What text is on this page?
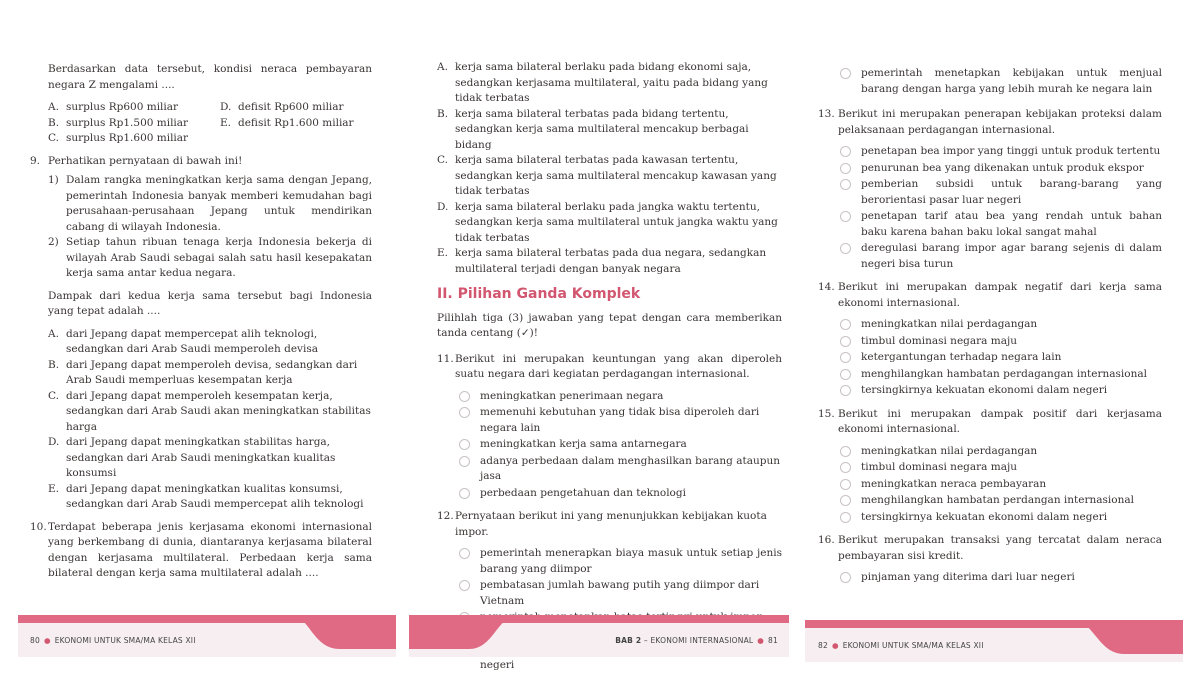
Berdasarkan data tersebut, kondisi neraca pembayaran negara Z mengalami ....
A. surplus Rp600 miliar	D. defisit Rp600 miliar
B. surplus Rp1.500 miliar	E. defisit Rp1.600 miliar
C. surplus Rp1.600 miliar
9. Perhatikan pernyataan di bawah ini!
1) Dalam rangka meningkatkan kerja sama dengan Jepang, pemerintah Indonesia banyak memberi kemudahan bagi perusahaan-perusahaan Jepang untuk mendirikan cabang di wilayah Indonesia.
2) Setiap tahun ribuan tenaga kerja Indonesia bekerja di wilayah Arab Saudi sebagai salah satu hasil kesepakatan kerja sama antar kedua negara.
Dampak dari kedua kerja sama tersebut bagi Indonesia yang tepat adalah ....
A. dari Jepang dapat mempercepat alih teknologi, sedangkan dari Arab Saudi memperoleh devisa
B. dari Jepang dapat memperoleh devisa, sedangkan dari Arab Saudi memperluas kesempatan kerja
C. dari Jepang dapat memperoleh kesempatan kerja, sedangkan dari Arab Saudi akan meningkatkan stabilitas harga
D. dari Jepang dapat meningkatkan stabilitas harga, sedangkan dari Arab Saudi meningkatkan kualitas konsumsi
E. dari Jepang dapat meningkatkan kualitas konsumsi, sedangkan dari Arab Saudi mempercepat alih teknologi
10. Terdapat beberapa jenis kerjasama ekonomi internasional yang berkembang di dunia, diantaranya kerjasama bilateral dengan kerjasama multilateral. Perbedaan kerja sama bilateral dengan kerja sama multilateral adalah ....
80 ● EKONOMI UNTUK SMA/MA KELAS XII
A. kerja sama bilateral berlaku pada bidang ekonomi saja, sedangkan kerjasama multilateral, yaitu pada bidang yang tidak terbatas
B. kerja sama bilateral terbatas pada bidang tertentu, sedangkan kerja sama multilateral mencakup berbagai bidang
C. kerja sama bilateral terbatas pada kawasan tertentu, sedangkan kerja sama multilateral mencakup kawasan yang tidak terbatas
D. kerja sama bilateral berlaku pada jangka waktu tertentu, sedangkan kerja sama multilateral untuk jangka waktu yang tidak terbatas
E. kerja sama bilateral terbatas pada dua negara, sedangkan multilateral terjadi dengan banyak negara
II. Pilihan Ganda Komplek
Pilihlah tiga (3) jawaban yang tepat dengan cara memberikan tanda centang (✓)!
11. Berikut ini merupakan keuntungan yang akan diperoleh suatu negara dari kegiatan perdagangan internasional.
meningkatkan penerimaan negara
memenuhi kebutuhan yang tidak bisa diperoleh dari negara lain
meningkatkan kerja sama antarnegara
adanya perbedaan dalam menghasilkan barang ataupun jasa
perbedaan pengetahuan dan teknologi
12. Pernyataan berikut ini yang menunjukkan kebijakan kuota impor.
pemerintah menerapkan biaya masuk untuk setiap jenis barang yang diimpor
pembatasan jumlah bawang putih yang diimpor dari Vietnam
negeri
BAB 2 – EKONOMI INTERNASIONAL ● 81
pemerintah menetapkan kebijakan untuk menjual barang dengan harga yang lebih murah ke negara lain
13. Berikut ini merupakan penerapan kebijakan proteksi dalam pelaksanaan perdagangan internasional.
penetapan bea impor yang tinggi untuk produk tertentu
penurunan bea yang dikenakan untuk produk ekspor
pemberian subsidi untuk barang-barang yang berorientasi pasar luar negeri
penetapan tarif atau bea yang rendah untuk bahan baku karena bahan baku lokal sangat mahal
deregulasi barang impor agar barang sejenis di dalam negeri bisa turun
14. Berikut ini merupakan dampak negatif dari kerja sama ekonomi internasional.
meningkatkan nilai perdagangan
timbul dominasi negara maju
ketergantungan terhadap negara lain
menghilangkan hambatan perdagangan internasional
tersingkirnya kekuatan ekonomi dalam negeri
15. Berikut ini merupakan dampak positif dari kerjasama ekonomi internasional.
meningkatkan nilai perdagangan
timbul dominasi negara maju
meningkatkan neraca pembayaran
menghilangkan hambatan perdangan internasional
tersingkirnya kekuatan ekonomi dalam negeri
16. Berikut merupakan transaksi yang tercatat dalam neraca pembayaran sisi kredit.
pinjaman yang diterima dari luar negeri
82 ● EKONOMI UNTUK SMA/MA KELAS XII
